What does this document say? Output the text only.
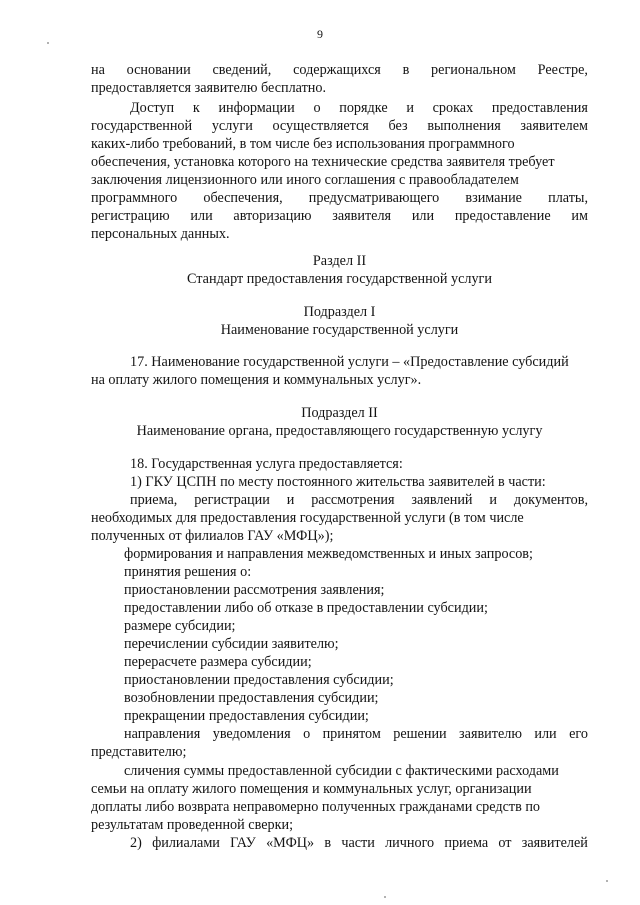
9
на основании сведений, содержащихся в региональном Реестре,
предоставляется заявителю бесплатно.
Доступ к информации о порядке и сроках предоставления
государственной услуги осуществляется без выполнения заявителем
каких-либо требований, в том числе без использования программного
обеспечения, установка которого на технические средства заявителя требует
заключения лицензионного или иного соглашения с правообладателем
программного обеспечения, предусматривающего взимание платы,
регистрацию или авторизацию заявителя или предоставление им
персональных данных.
Раздел II
Стандарт предоставления государственной услуги
Подраздел I
Наименование государственной услуги
17. Наименование государственной услуги – «Предоставление субсидий
на оплату жилого помещения и коммунальных услуг».
Подраздел II
Наименование органа, предоставляющего государственную услугу
18. Государственная услуга предоставляется:
1) ГКУ ЦСПН по месту постоянного жительства заявителей в части:
приема, регистрации и рассмотрения заявлений и документов,
необходимых для предоставления государственной услуги (в том числе
полученных от филиалов ГАУ «МФЦ»);
формирования и направления межведомственных и иных запросов;
принятия решения о:
приостановлении рассмотрения заявления;
предоставлении либо об отказе в предоставлении субсидии;
размере субсидии;
перечислении субсидии заявителю;
перерасчете размера субсидии;
приостановлении предоставления субсидии;
возобновлении предоставления субсидии;
прекращении предоставления субсидии;
направления уведомления о принятом решении заявителю или его
представителю;
сличения суммы предоставленной субсидии с фактическими расходами
семьи на оплату жилого помещения и коммунальных услуг, организации
доплаты либо возврата неправомерно полученных гражданами средств по
результатам проведенной сверки;
2) филиалами ГАУ «МФЦ» в части личного приема от заявителей
